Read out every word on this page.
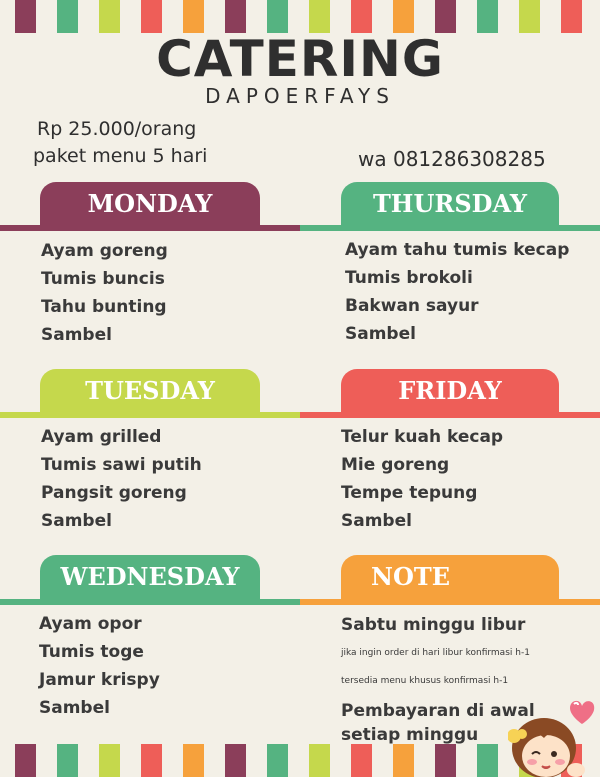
CATERING
DAPOERFAYS
Rp 25.000/orang
paket menu 5 hari	wa 081286308285
MONDAY
Ayam goreng
Tumis buncis
Tahu bunting
Sambel
THURSDAY
Ayam tahu tumis kecap
Tumis brokoli
Bakwan sayur
Sambel
TUESDAY
Ayam grilled
Tumis sawi putih
Pangsit goreng
Sambel
FRIDAY
Telur kuah kecap
Mie goreng
Tempe tepung
Sambel
WEDNESDAY
Ayam opor
Tumis toge
Jamur krispy
Sambel
NOTE
Sabtu minggu libur
jika ingin order di hari libur konfirmasi h-1
tersedia menu khusus konfirmasi h-1
Pembayaran di awal
setiap minggu
